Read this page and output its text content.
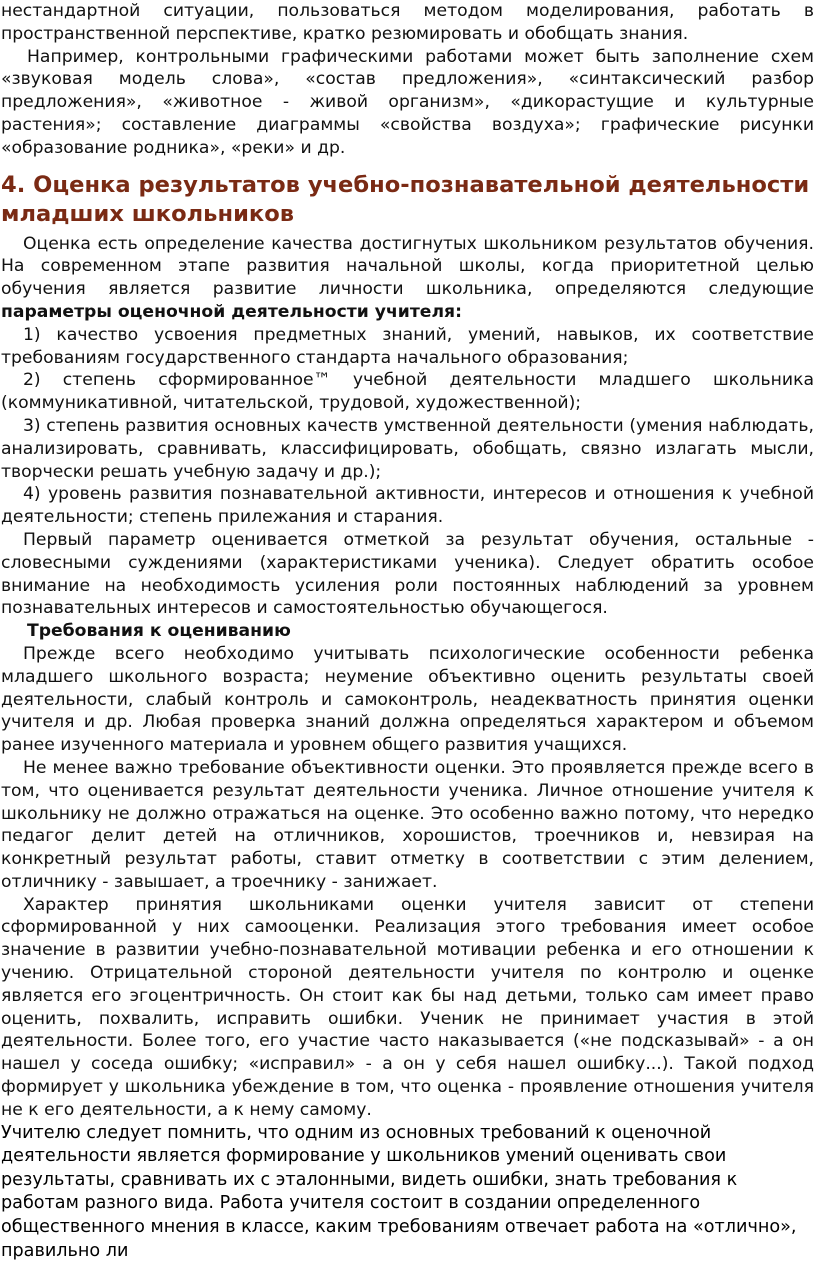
нестандартной ситуации, пользоваться методом моделирования, работать в пространственной перспективе, кратко резюмировать и обобщать знания.

Например, контрольными графическими работами может быть заполнение схем «звуковая модель слова», «состав предложения», «синтаксический разбор предложения», «животное - живой организм», «дикорастущие и культурные растения»; составление диаграммы «свойства воздуха»; графические рисунки «образование родника», «реки» и др.

4. Оценка результатов учебно-познавательной деятельности младших школьников

Оценка есть определение качества достигнутых школьником результатов обучения. На современном этапе развития начальной школы, когда приоритетной целью обучения является развитие личности школьника, определяются следующие параметры оценочной деятельности учителя:

1) качество усвоения предметных знаний, умений, навыков, их соответствие требованиям государственного стандарта начального образования;

2) степень сформированное™ учебной деятельности младшего школьника (коммуникативной, читательской, трудовой, художественной);

3) степень развития основных качеств умственной деятельности (умения наблюдать, анализировать, сравнивать, классифицировать, обобщать, связно излагать мысли, творчески решать учебную задачу и др.);

4) уровень развития познавательной активности, интересов и отношения к учебной деятельности; степень прилежания и старания.

Первый параметр оценивается отметкой за результат обучения, остальные - словесными суждениями (характеристиками ученика). Следует обратить особое внимание на необходимость усиления роли постоянных наблюдений за уровнем познавательных интересов и самостоятельностью обучающегося.

Требования к оцениванию

Прежде всего необходимо учитывать психологические особенности ребенка младшего школьного возраста; неумение объективно оценить результаты своей деятельности, слабый контроль и самоконтроль, неадекватность принятия оценки учителя и др. Любая проверка знаний должна определяться характером и объемом ранее изученного материала и уровнем общего развития учащихся.

Не менее важно требование объективности оценки. Это проявляется прежде всего в том, что оценивается результат деятельности ученика. Личное отношение учителя к школьнику не должно отражаться на оценке. Это особенно важно потому, что нередко педагог делит детей на отличников, хорошистов, троечников и, невзирая на конкретный результат работы, ставит отметку в соответствии с этим делением, отличнику - завышает, а троечнику - занижает.

Характер принятия школьниками оценки учителя зависит от степени сформированной у них самооценки. Реализация этого требования имеет особое значение в развитии учебно-познавательной мотивации ребенка и его отношении к учению. Отрицательной стороной деятельности учителя по контролю и оценке является его эгоцентричность. Он стоит как бы над детьми, только сам имеет право оценить, похвалить, исправить ошибки. Ученик не принимает участия в этой деятельности. Более того, его участие часто наказывается («не подсказывай» - а он нашел у соседа ошибку; «исправил» - а он у себя нашел ошибку...). Такой подход формирует у школьника убеждение в том, что оценка - проявление отношения учителя не к его деятельности, а к нему самому.

Учителю следует помнить, что одним из основных требований к оценочной деятельности является формирование у школьников умений оценивать свои результаты, сравнивать их с эталонными, видеть ошибки, знать требования к работам разного вида. Работа учителя состоит в создании определенного общественного мнения в классе, каким требованиям отвечает работа на «отлично», правильно ли
